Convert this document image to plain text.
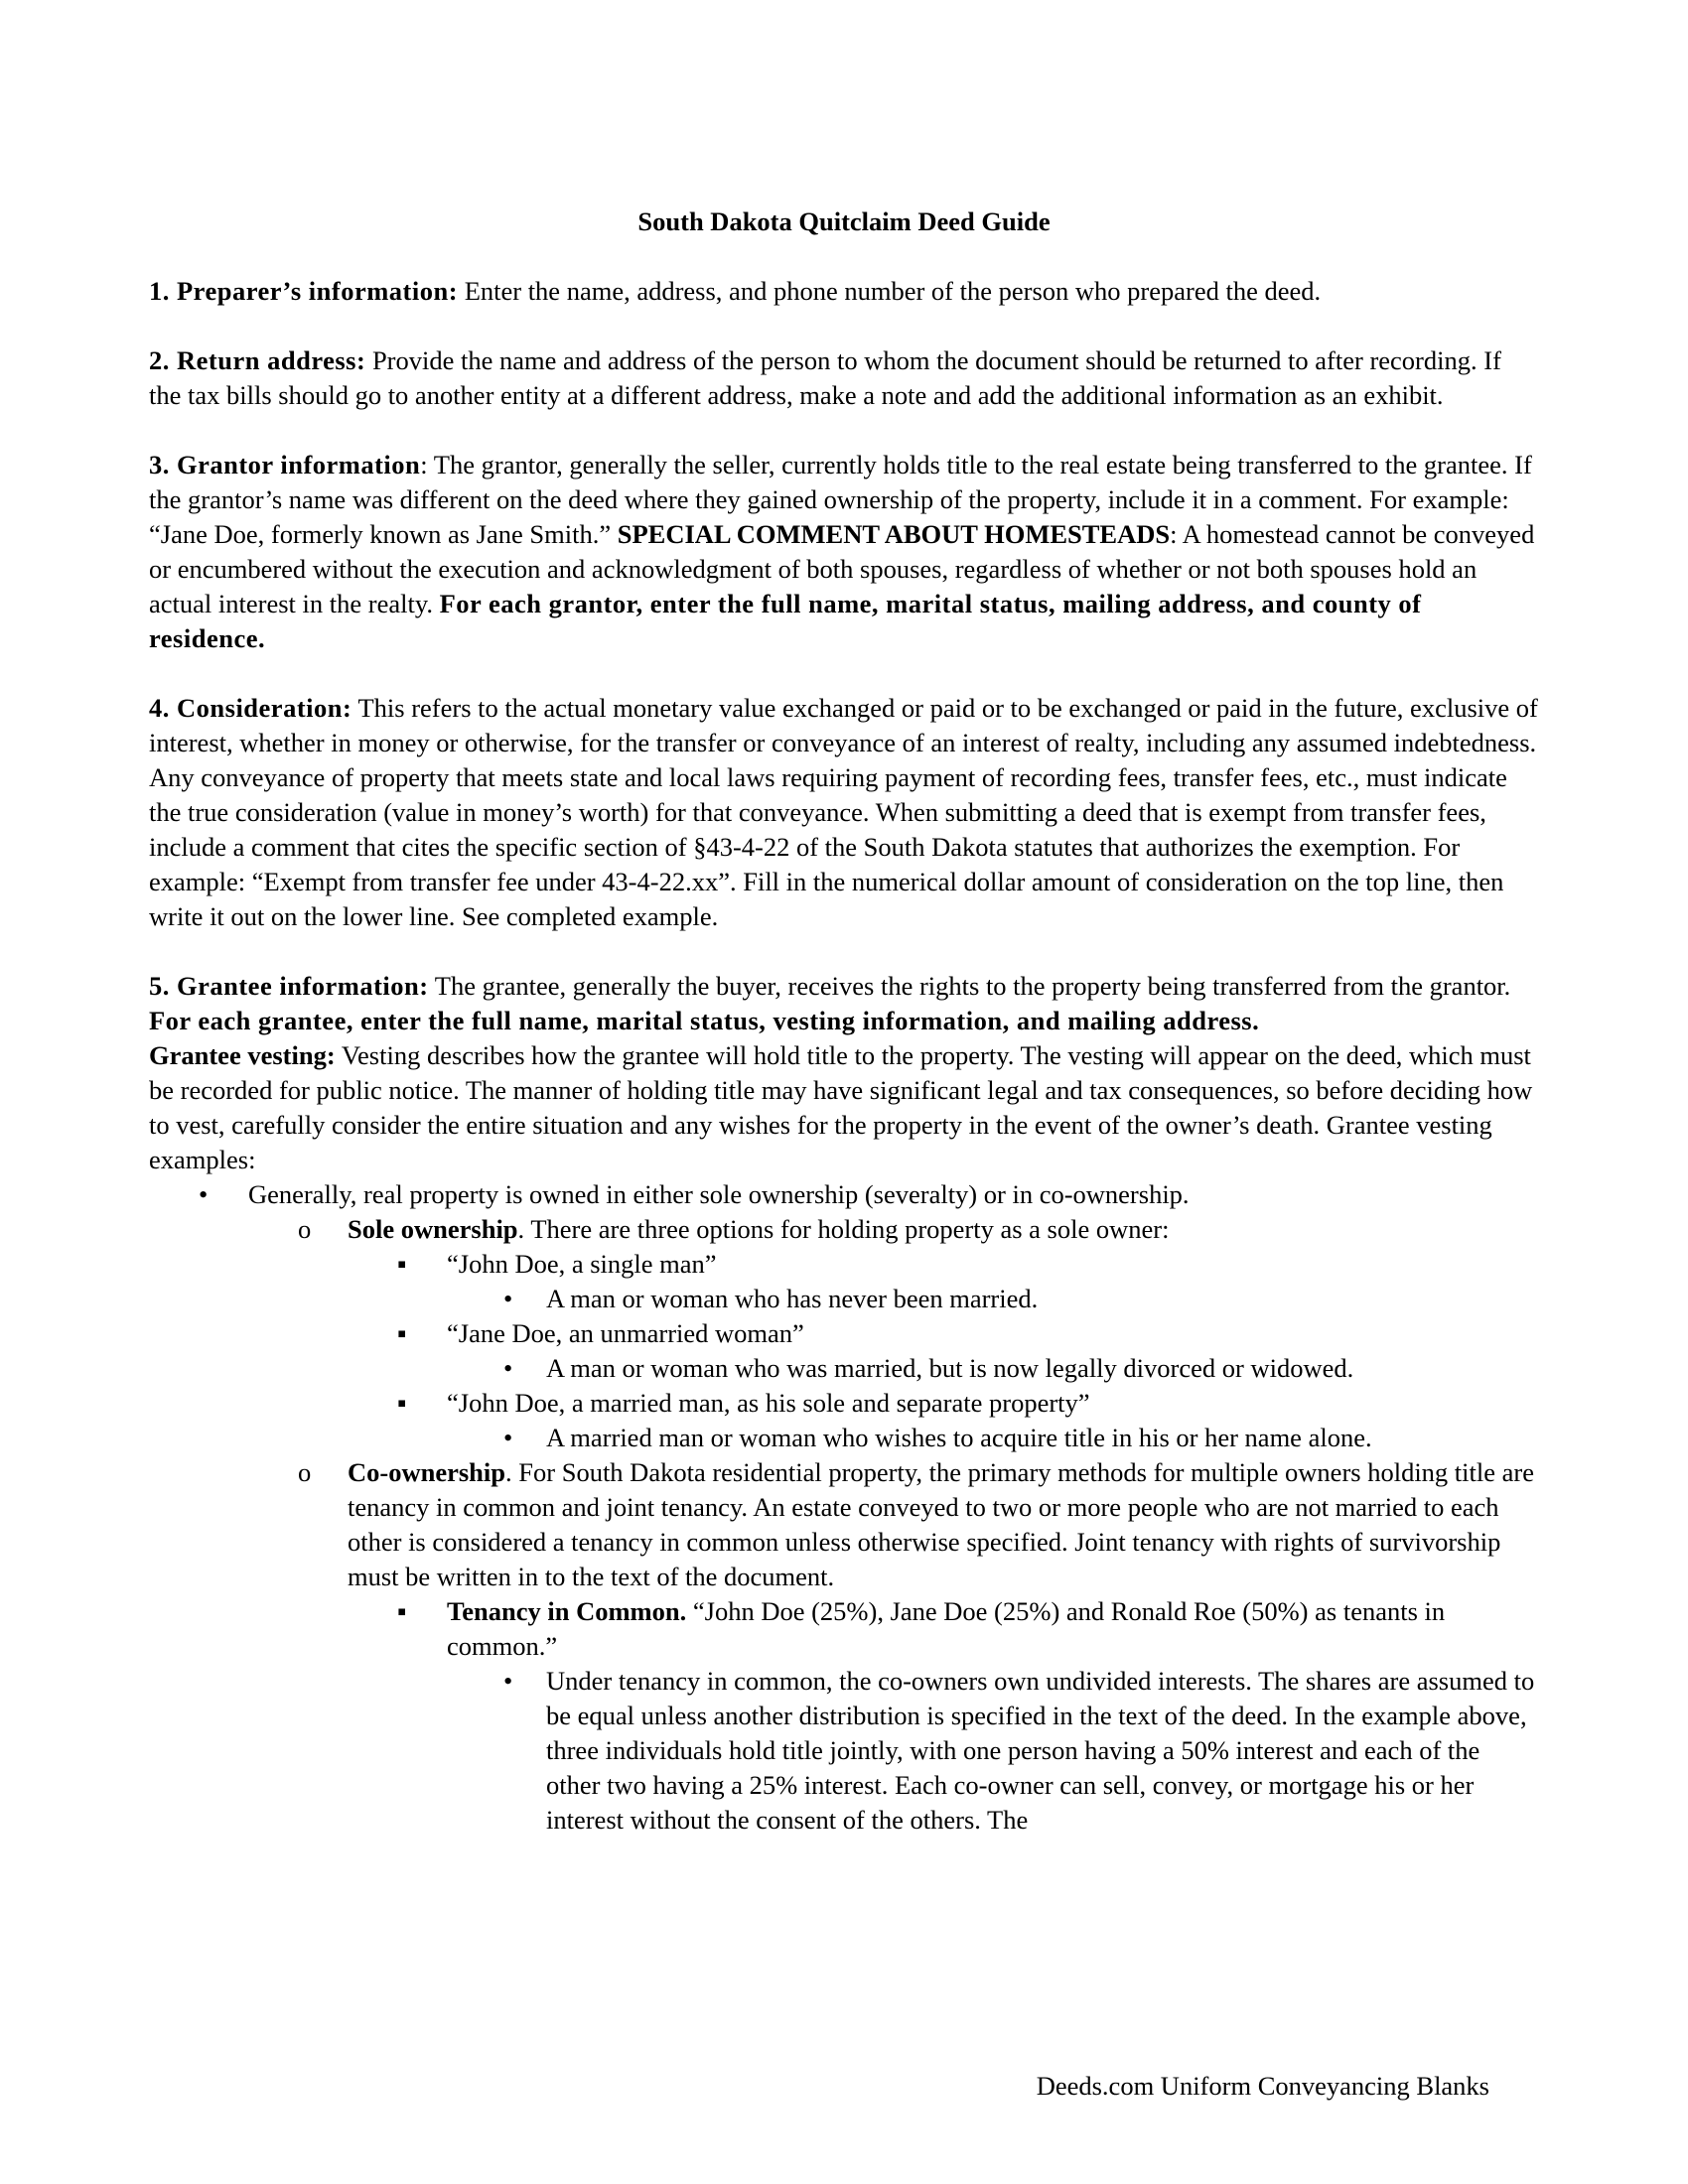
South Dakota Quitclaim Deed Guide

1. Preparer’s information: Enter the name, address, and phone number of the person who prepared the deed.

2. Return address: Provide the name and address of the person to whom the document should be returned to after recording. If the tax bills should go to another entity at a different address, make a note and add the additional information as an exhibit.

3. Grantor information: The grantor, generally the seller, currently holds title to the real estate being transferred to the grantee. If the grantor’s name was different on the deed where they gained ownership of the property, include it in a comment. For example: “Jane Doe, formerly known as Jane Smith.” SPECIAL COMMENT ABOUT HOMESTEADS: A homestead cannot be conveyed or encumbered without the execution and acknowledgment of both spouses, regardless of whether or not both spouses hold an actual interest in the realty. For each grantor, enter the full name, marital status, mailing address, and county of residence.

4. Consideration: This refers to the actual monetary value exchanged or paid or to be exchanged or paid in the future, exclusive of interest, whether in money or otherwise, for the transfer or conveyance of an interest of realty, including any assumed indebtedness. Any conveyance of property that meets state and local laws requiring payment of recording fees, transfer fees, etc., must indicate the true consideration (value in money’s worth) for that conveyance. When submitting a deed that is exempt from transfer fees, include a comment that cites the specific section of §43-4-22 of the South Dakota statutes that authorizes the exemption. For example: “Exempt from transfer fee under 43-4-22.xx”. Fill in the numerical dollar amount of consideration on the top line, then write it out on the lower line. See completed example.

5. Grantee information: The grantee, generally the buyer, receives the rights to the property being transferred from the grantor. For each grantee, enter the full name, marital status, vesting information, and mailing address.

Grantee vesting: Vesting describes how the grantee will hold title to the property. The vesting will appear on the deed, which must be recorded for public notice. The manner of holding title may have significant legal and tax consequences, so before deciding how to vest, carefully consider the entire situation and any wishes for the property in the event of the owner’s death. Grantee vesting examples:

• Generally, real property is owned in either sole ownership (severalty) or in co-ownership.
o Sole ownership. There are three options for holding property as a sole owner:
▪ “John Doe, a single man”
• A man or woman who has never been married.
▪ “Jane Doe, an unmarried woman”
• A man or woman who was married, but is now legally divorced or widowed.
▪ “John Doe, a married man, as his sole and separate property”
• A married man or woman who wishes to acquire title in his or her name alone.
o Co-ownership. For South Dakota residential property, the primary methods for multiple owners holding title are tenancy in common and joint tenancy. An estate conveyed to two or more people who are not married to each other is considered a tenancy in common unless otherwise specified. Joint tenancy with rights of survivorship must be written in to the text of the document.
▪ Tenancy in Common. “John Doe (25%), Jane Doe (25%) and Ronald Roe (50%) as tenants in common.”
• Under tenancy in common, the co-owners own undivided interests. The shares are assumed to be equal unless another distribution is specified in the text of the deed. In the example above, three individuals hold title jointly, with one person having a 50% interest and each of the other two having a 25% interest. Each co-owner can sell, convey, or mortgage his or her interest without the consent of the others. The
Deeds.com Uniform Conveyancing Blanks
